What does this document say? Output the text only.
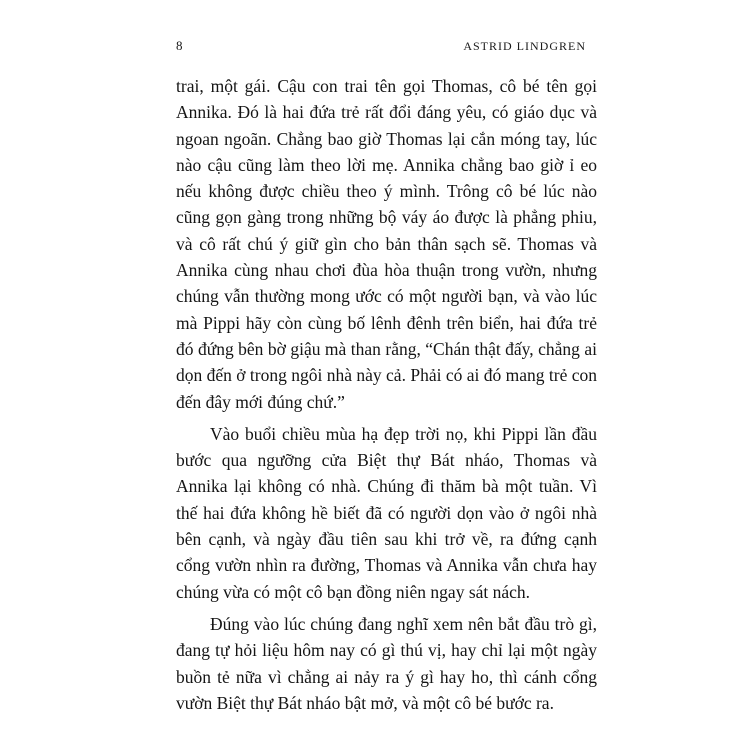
8	ASTRID LINDGREN

trai, một gái. Cậu con trai tên gọi Thomas, cô bé tên gọi Annika. Đó là hai đứa trẻ rất đổi đáng yêu, có giáo dục và ngoan ngoãn. Chẳng bao giờ Thomas lại cắn móng tay, lúc nào cậu cũng làm theo lời mẹ. Annika chẳng bao giờ ỉ eo nếu không được chiều theo ý mình. Trông cô bé lúc nào cũng gọn gàng trong những bộ váy áo được là phẳng phiu, và cô rất chú ý giữ gìn cho bản thân sạch sẽ. Thomas và Annika cùng nhau chơi đùa hòa thuận trong vườn, nhưng chúng vẫn thường mong ước có một người bạn, và vào lúc mà Pippi hãy còn cùng bố lênh đênh trên biển, hai đứa trẻ đó đứng bên bờ giậu mà than rằng, “Chán thật đấy, chẳng ai dọn đến ở trong ngôi nhà này cả. Phải có ai đó mang trẻ con đến đây mới đúng chứ.”

Vào buổi chiều mùa hạ đẹp trời nọ, khi Pippi lần đầu bước qua ngưỡng cửa Biệt thự Bát nháo, Thomas và Annika lại không có nhà. Chúng đi thăm bà một tuần. Vì thế hai đứa không hề biết đã có người dọn vào ở ngôi nhà bên cạnh, và ngày đầu tiên sau khi trở về, ra đứng cạnh cổng vườn nhìn ra đường, Thomas và Annika vẫn chưa hay chúng vừa có một cô bạn đồng niên ngay sát nách.

Đúng vào lúc chúng đang nghĩ xem nên bắt đầu trò gì, đang tự hỏi liệu hôm nay có gì thú vị, hay chỉ lại một ngày buồn tẻ nữa vì chẳng ai nảy ra ý gì hay ho, thì cánh cổng vườn Biệt thự Bát nháo bật mở, và một cô bé bước ra.
